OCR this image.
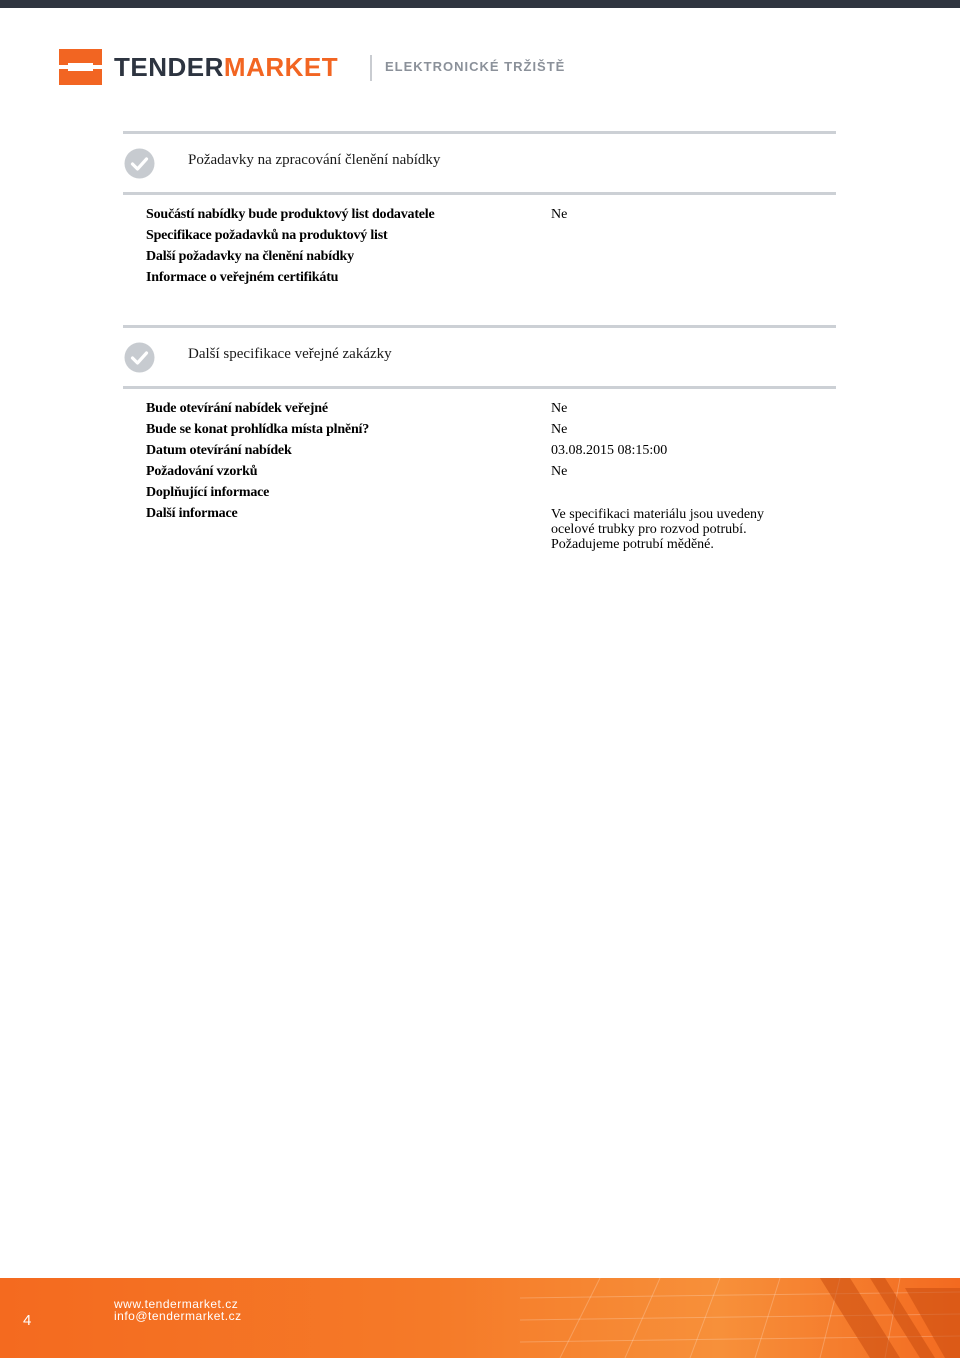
TENDERMARKET	ELEKTRONICKÉ TRŽIŠTĚ
Požadavky na zpracování členění nabídky
Součástí nabídky bude produktový list dodavatele	Ne
Specifikace požadavků na produktový list
Další požadavky na členění nabídky
Informace o veřejném certifikátu
Další specifikace veřejné zakázky
Bude otevírání nabídek veřejné	Ne
Bude se konat prohlídka místa plnění?	Ne
Datum otevírání nabídek	03.08.2015 08:15:00
Požadování vzorků	Ne
Doplňující informace
Další informace	Ve specifikaci materiálu jsou uvedeny
ocelové trubky pro rozvod potrubí.
Požadujeme potrubí měděné.
4
www.tendermarket.cz
info@tendermarket.cz
